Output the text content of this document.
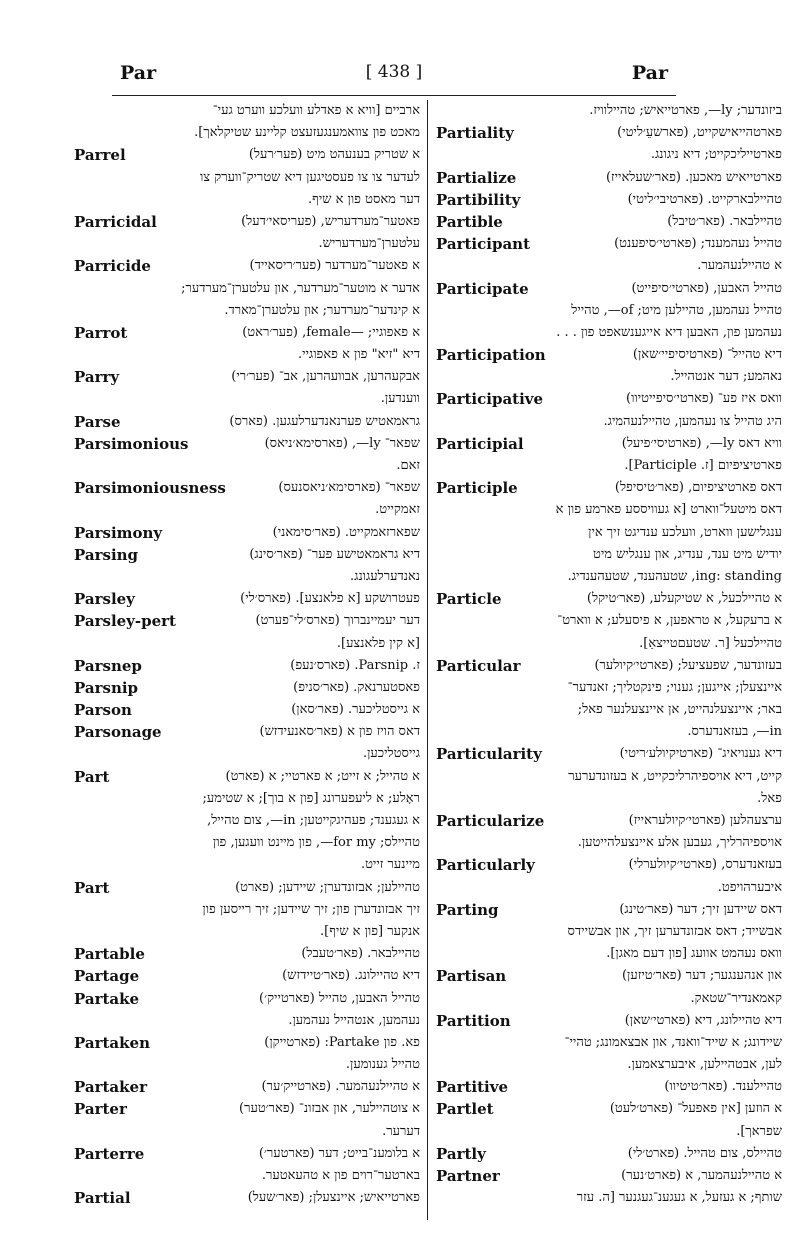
Par	[ 438 ]	Par
ארביים [וויא א פאדלע וועלכע ווערט געי־
מאכט פון צוואמענגעזעצט קליינע שטיקלאך].
Parrel	א שטריק בענעהט מיט (פער׳רעל)
לעדער צו צו פעסטיגען דיא שטריק־ווערק צו
דער מאסט פון א שיף.
Parricidal	פאטער־מערדעריש, (פעריסאי׳דעל)
עלטערן־מערדעריש.
Parricide	א פאטער־מערדער (פער׳ריסאייד)
אדער א מוטער־מערדער, און עלטערן־מערדער;
א קינדער־מערדער; און עלטערן־מארד.
Parrot	א פאפוגיי; —female, (פער׳ראט)
דיא "זיא" פון א פאפוגיי.
Parry	אבקעהרען, אבוועהרען, אב־ (פער׳רי)
ווענדען.
Parse	גראמאטיש פערנאנדערלעגען. (פארס)
Parsimonious	שפאר־ ly—, (פארסימא׳ניאס)
זאם.
Parsimoniousness	שפאר־ (פארסימא׳ניאסנעס)
זאמקייט.
Parsimony	שפארזאמקייט. (פאר׳סימאני)
Parsing	דיא גראמאטישע פער־ (פאר׳סינג)
נאנדערלעגונג.
Parsley	פעטרושקע [א פלאנצע]. (פארס׳לי)
Parsley-pert	דער יעמיינברוך (פארס׳לי־פערט)
[א קין פלאנצע].
Parsnep	ז. Parsnip. (פארס׳נעפ)
Parsnip	פאסטערנאק. (פאר׳סניפ)
Parson	א גייסטליכער. (פאר׳סאן)
Parsonage	דאס הויז פון א (פאר׳סאנעידזש)
גייסטליכען.
Part	א טהייל; א זייט; א פארטיי; א (פארט)
ראָלע; א ליעפערונג [פון א בוך]; א שטימע;
א געגענד; פעהיגקייטען; in—, צום טהייל,
טהיילס; for my—, פון מיינט וועגען, פון
מיינער זייט.
Part	טהיילען; אבזונדערן; שיידען; (פארט)
זיך אבזונדערן פון; זיך שיידען; זיך רייסען פון
אנקער [פון א שיף].
Partable	טהיילבאר. (פאר׳טעבל)
Partage	דיא טהיילונג. (פאר׳טיידזש)
Partake	טהייל האבען, טהייל (פארטייק׳)
נעהמען, אנטהייל נעהמען.
Partaken	פא. פון Partake: (פארטייקן)
טהייל גענומען.
Partaker	א טהיילנעהמער. (פארטייק׳ער)
Parter	א צוטהיילער, און אבזונ־ (פאר׳טער)
דערער.
Parterre	א בלומענ־בייט; דער (פארטער׳)
בארטער־רוים פון א טהעאטער.
Partial	פארטייאיש; איינצעלן; (פאר׳שעל)
ביזונדער; ly—, פארטייאיש; טהיילוויז.
Partiality	פארטהייאישקייט, (פארשעֵ׳ליטי)
פארטייליכקייט; דיא ניגונג.
Partialize	פארטייאיש מאכען. (פאר׳שעלאייז)
Partibility	טהיילבארקייט. (פארטיבי׳ליטי)
Partible	טהיילבאר. (פאר׳טיבל)
Participant	טהייל נעהמענד; (פארטי׳סיפענט)
א טהיילנעהמער.
Participate	טהייל האבען, (פארטי׳סיפייט)
טהייל נעהמען, טהיילען מיט; of—, טהייל
נעהמען פון, האבען דיא אייגענשאפט פון . . .
Participation	דיא טהייל־ (פארטיסיפיי׳שאן)
נאהמע; דער אנטהייל.
Participative	וואס איז פע־ (פארטי׳סיפייטיוו)
היג טהייל צו נעהמען, טהיילנעהמיג.
Participial	וויא דאס ly—, (פארטיסי׳פיעל)
פארטיציפיום [ז. Participle].
Participle	דאס פארטיציפיום, (פאר׳טיסיפל)
דאס מיטעל־ווארט [א געוויססע פארמע פון א
ענגלישען ווארט, וועלכע ענדיגט זיך אין
יודיש מיט ענד, ענדיג, און ענגליש מיט
ing: standing, שטעהענד, שטעהענדיג.
Particle	א טהיילכעל, א שטיקעלע, (פאר׳טיקל)
א ברעקעל, א טראפען, א פיסעלע; א ווארט־
טהיילכעל [ר. שטעםטייצאַ].
Particular	בעזונדער, שפעציעל; (פארטי׳קיולער)
איינצעלן; אייגען; גענוי; פינקטליך; זאנדער־
באר; איינצעלנהייט, אן איינצעלנער פאל;
in—, בעזאנדערס.
Particularity	דיא גענויאיג־ (פארטיקיולע׳ריטי)
קייט, דיא אויספיהרליכקייט, א בעזונדערער
פאל.
Particularize	ערצעהלען (פארטי׳קיולעראייז)
אויספיהרליך, געבען אלע איינצעלהייטען.
Particularly	בעזאנדערס, (פארטי׳קיולערלי)
איבערהויפט.
Parting	דאס שיידען זיך; דער (פאר׳טינג)
אבשייד; דאס אבזונדערען זיך, און אבשיידס
וואס נעהמט אוועג [פון דעם מאגן].
Partisan	און אנהענגער; דער (פאר׳טיזען)
קאמאנדיר־שטאק.
Partition	דיא טהיילונג, דיא (פארטי׳שאן)
שיידונג; א שייד־וואנד, און אבצאמונג; טהיי־
לען, אבטהיילען, איבערצאמען.
Partitive	טהיילענד. (פאר׳טיטיוו)
Partlet	א הוזען [אין פאפעל־ (פארט׳לעט)
שפראך].
Partly	טהיילס, צום טהייל. (פארט׳לי)
Partner	א טהיילנעהמער, א (פארט׳נער)
שותף; א געזעל, א געגענ־געגנער [ה. עזר
